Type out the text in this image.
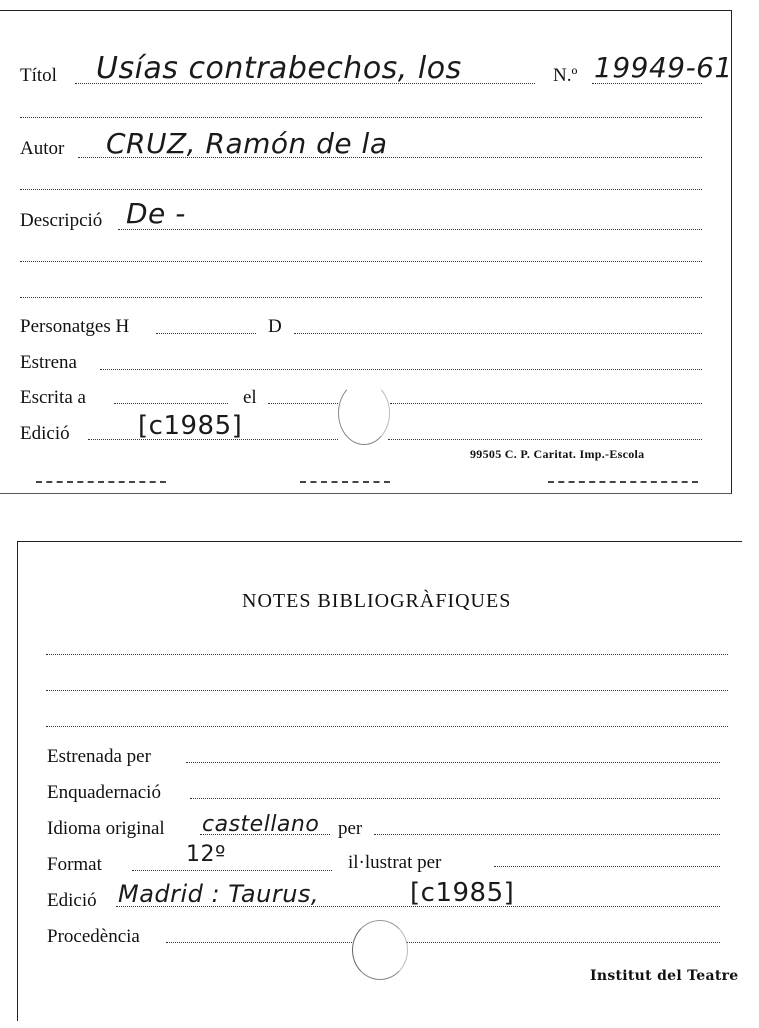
Títol Usías contrabechos, los	N.º 19949-61
Autor CRUZ, Ramón de la
Descripció De -
Personatges H	D
Estrena
Escrita a	el
Edició	[c1985]
99505 C. P. Caritat. Imp.-Escola
NOTES BIBLIOGRÀFIQUES
Estrenada per
Enquadernació
Idioma original castellano per
Format	12º	il·lustrat per
Edició Madrid : Taurus,	[c1985]
Procedència
Institut del Teatre
